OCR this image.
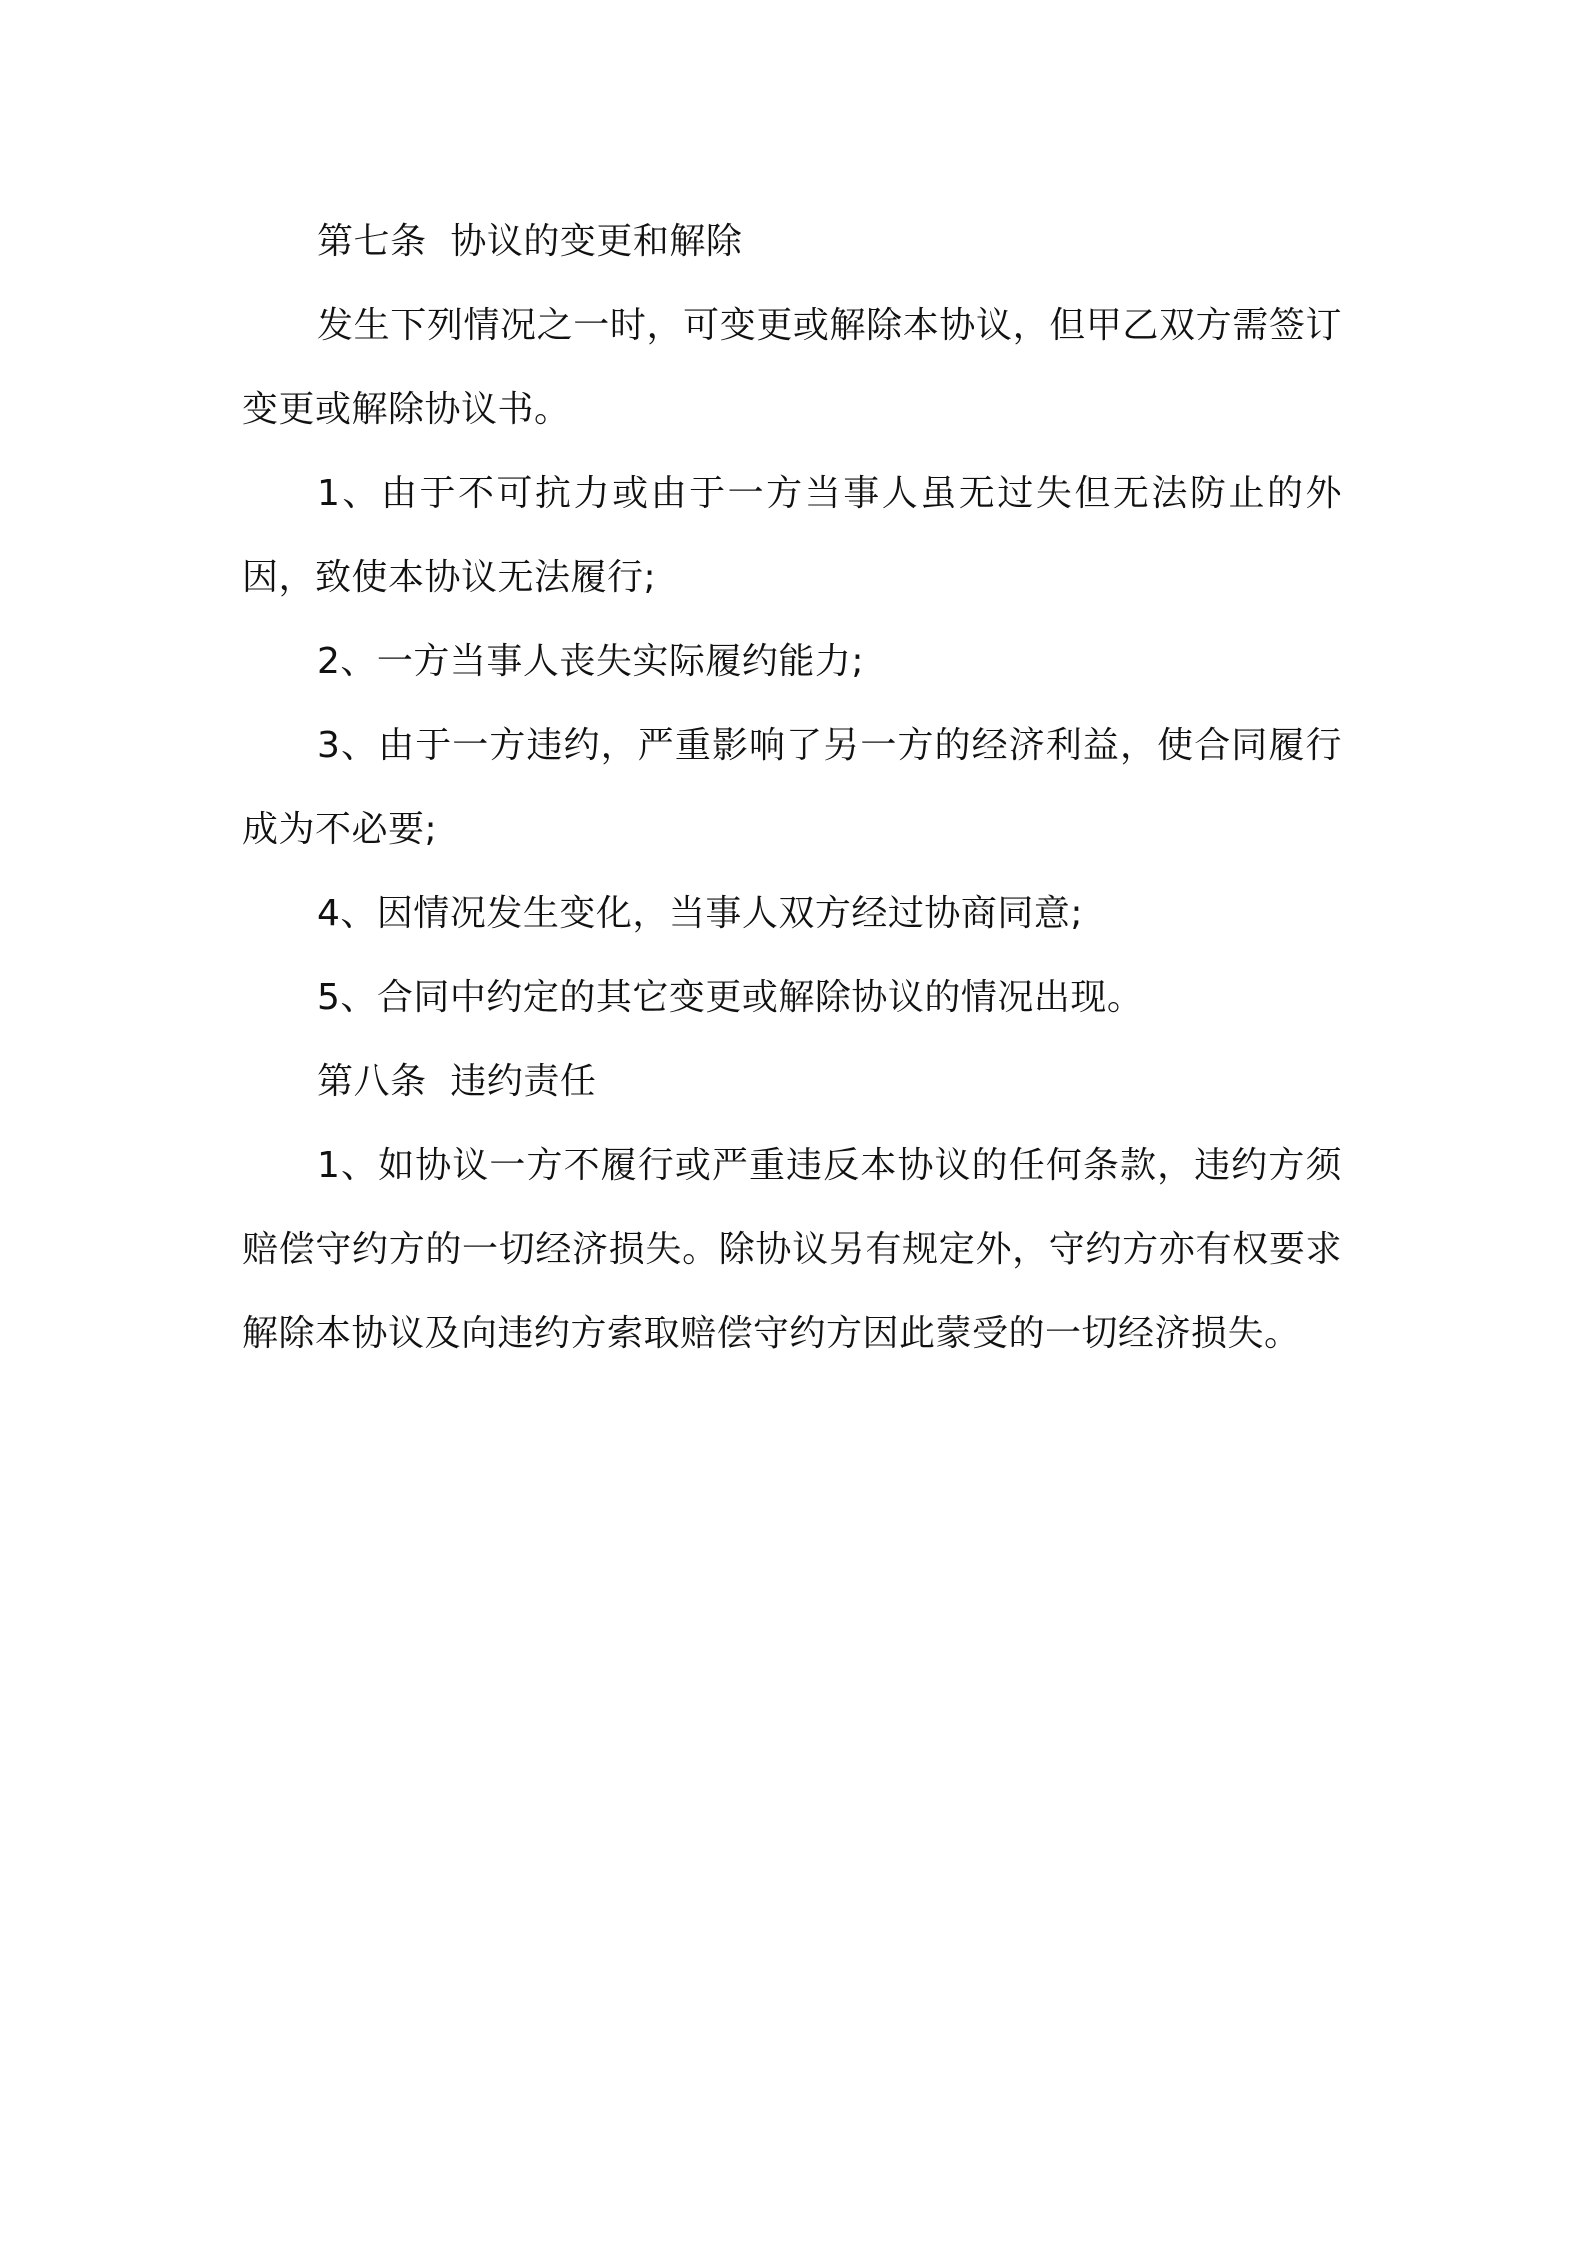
第七条  协议的变更和解除

发生下列情况之一时，可变更或解除本协议，但甲乙双方需签订变更或解除协议书。

1、由于不可抗力或由于一方当事人虽无过失但无法防止的外因，致使本协议无法履行;

2、一方当事人丧失实际履约能力;

3、由于一方违约，严重影响了另一方的经济利益，使合同履行成为不必要;

4、因情况发生变化，当事人双方经过协商同意;

5、合同中约定的其它变更或解除协议的情况出现。

第八条  违约责任

1、如协议一方不履行或严重违反本协议的任何条款，违约方须赔偿守约方的一切经济损失。除协议另有规定外，守约方亦有权要求解除本协议及向违约方索取赔偿守约方因此蒙受的一切经济损失。
